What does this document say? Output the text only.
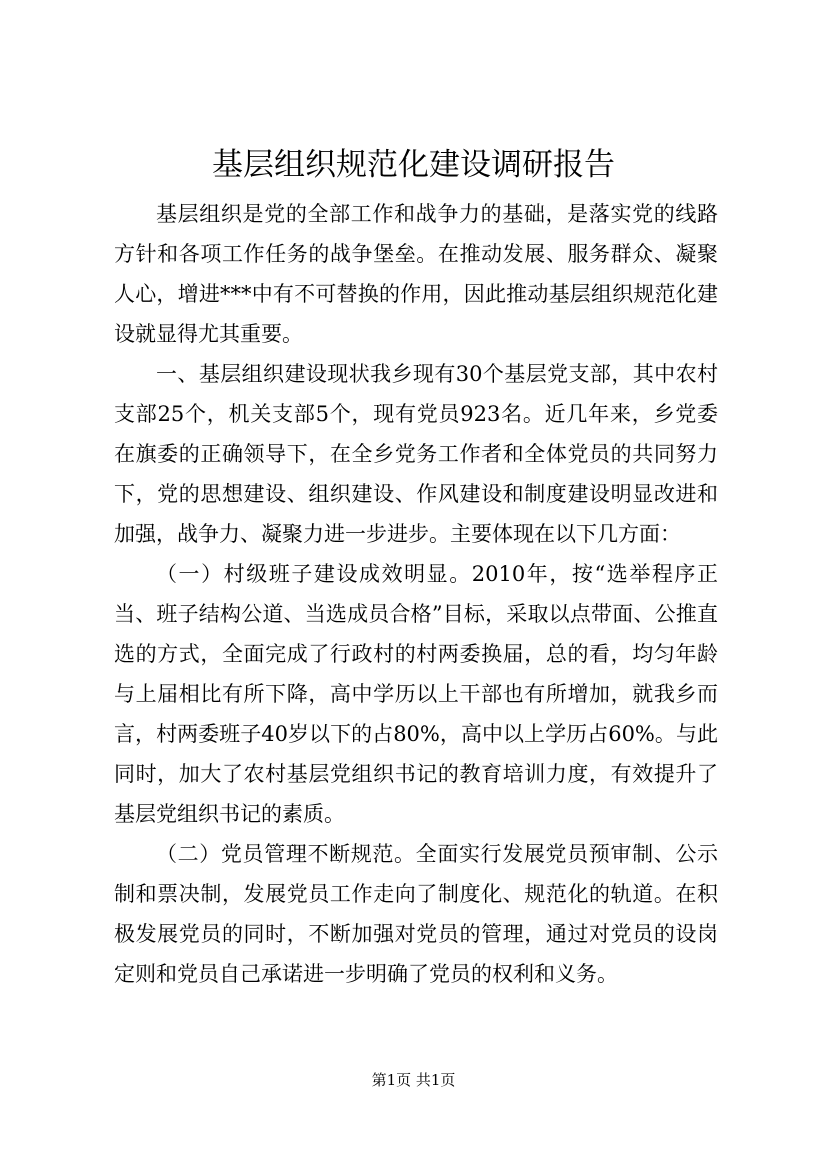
基层组织规范化建设调研报告

基层组织是党的全部工作和战争力的基础，是落实党的线路方针和各项工作任务的战争堡垒。在推动发展、服务群众、凝聚人心，增进***中有不可替换的作用，因此推动基层组织规范化建设就显得尤其重要。

一、基层组织建设现状我乡现有30个基层党支部，其中农村支部25个，机关支部5个，现有党员923名。近几年来，乡党委在旗委的正确领导下，在全乡党务工作者和全体党员的共同努力下，党的思想建设、组织建设、作风建设和制度建设明显改进和加强，战争力、凝聚力进一步进步。主要体现在以下几方面：

（一）村级班子建设成效明显。2010年，按“选举程序正当、班子结构公道、当选成员合格”目标，采取以点带面、公推直选的方式，全面完成了行政村的村两委换届，总的看，均匀年龄与上届相比有所下降，高中学历以上干部也有所增加，就我乡而言，村两委班子40岁以下的占80%，高中以上学历占60%。与此同时，加大了农村基层党组织书记的教育培训力度，有效提升了基层党组织书记的素质。

（二）党员管理不断规范。全面实行发展党员预审制、公示制和票决制，发展党员工作走向了制度化、规范化的轨道。在积极发展党员的同时，不断加强对党员的管理，通过对党员的设岗定则和党员自己承诺进一步明确了党员的权利和义务。

第1页 共1页
